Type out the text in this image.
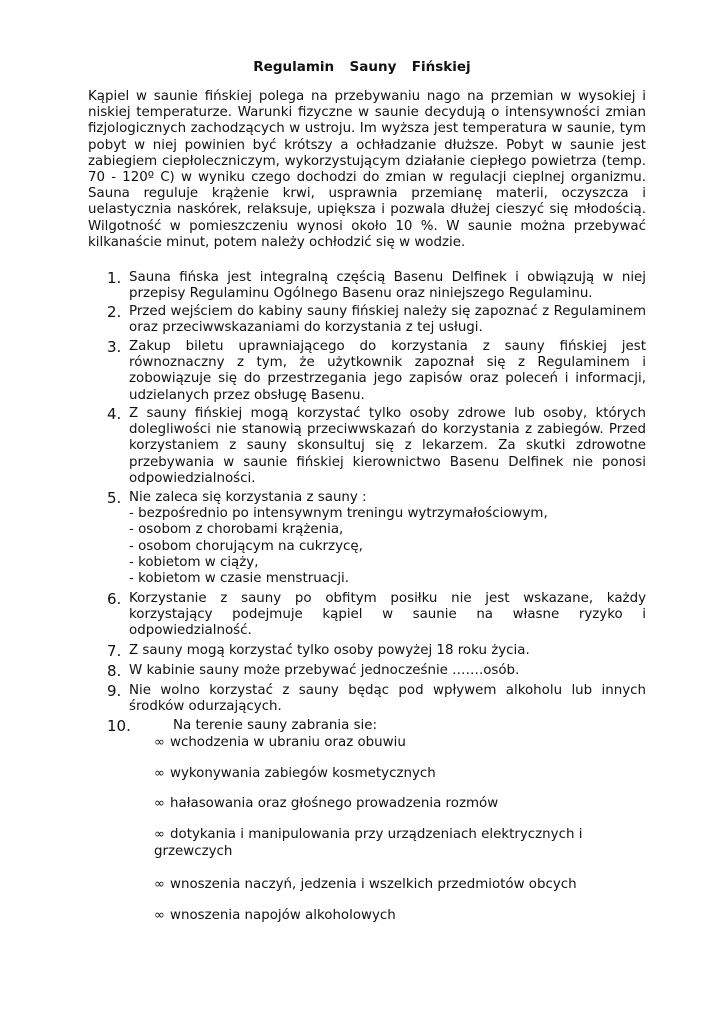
Regulamin  Sauny  Fińskiej

Kąpiel w saunie fińskiej polega na przebywaniu nago na przemian w wysokiej i niskiej temperaturze. Warunki fizyczne w saunie decydują o intensywności zmian fizjologicznych zachodzących w ustroju. Im wyższa jest temperatura w saunie, tym pobyt w niej powinien być krótszy a ochładzanie dłuższe. Pobyt w saunie jest zabiegiem ciepłoleczniczym, wykorzystującym działanie ciepłego powietrza (temp. 70 - 120º C) w wyniku czego dochodzi do zmian w regulacji cieplnej organizmu. Sauna reguluje krążenie krwi, usprawnia przemianę materii, oczyszcza i uelastycznia naskórek, relaksuje, upiększa i pozwala dłużej cieszyć się młodością. Wilgotność w pomieszczeniu wynosi około 10 %. W saunie można przebywać kilkanaście minut, potem należy ochłodzić się w wodzie.

1. Sauna fińska jest integralną częścią Basenu Delfinek i obwiązują w niej przepisy Regulaminu Ogólnego Basenu oraz niniejszego Regulaminu.
2. Przed wejściem do kabiny sauny fińskiej należy się zapoznać z Regulaminem oraz przeciwwskazaniami do korzystania z tej usługi.
3. Zakup biletu uprawniającego do korzystania z sauny fińskiej jest równoznaczny z tym, że użytkownik zapoznał się z Regulaminem i zobowiązuje się do przestrzegania jego zapisów oraz poleceń i informacji, udzielanych przez obsługę Basenu.
4. Z sauny fińskiej mogą korzystać tylko osoby zdrowe lub osoby, których dolegliwości nie stanowią przeciwwskazań do korzystania z zabiegów. Przed korzystaniem z sauny skonsultuj się z lekarzem. Za skutki zdrowotne przebywania w saunie fińskiej kierownictwo Basenu Delfinek nie ponosi odpowiedzialności.
5. Nie zaleca się korzystania z sauny :
- bezpośrednio po intensywnym treningu wytrzymałościowym,
- osobom z chorobami krążenia,
- osobom chorującym na cukrzycę,
- kobietom w ciąży,
- kobietom w czasie menstruacji.
6. Korzystanie z sauny po obfitym posiłku nie jest wskazane, każdy korzystający podejmuje kąpiel w saunie na własne ryzyko i odpowiedzialność.
7. Z sauny mogą korzystać tylko osoby powyżej 18 roku życia.
8. W kabinie sauny może przebywać jednocześnie …….osób.
9. Nie wolno korzystać z sauny będąc pod wpływem alkoholu lub innych środków odurzających.
10.	Na terenie sauny zabrania sie:
∞ wchodzenia w ubraniu oraz obuwiu
∞ wykonywania zabiegów kosmetycznych
∞ hałasowania oraz głośnego prowadzenia rozmów
∞ dotykania i manipulowania przy urządzeniach elektrycznych i grzewczych
∞ wnoszenia naczyń, jedzenia i wszelkich przedmiotów obcych
∞ wnoszenia napojów alkoholowych
